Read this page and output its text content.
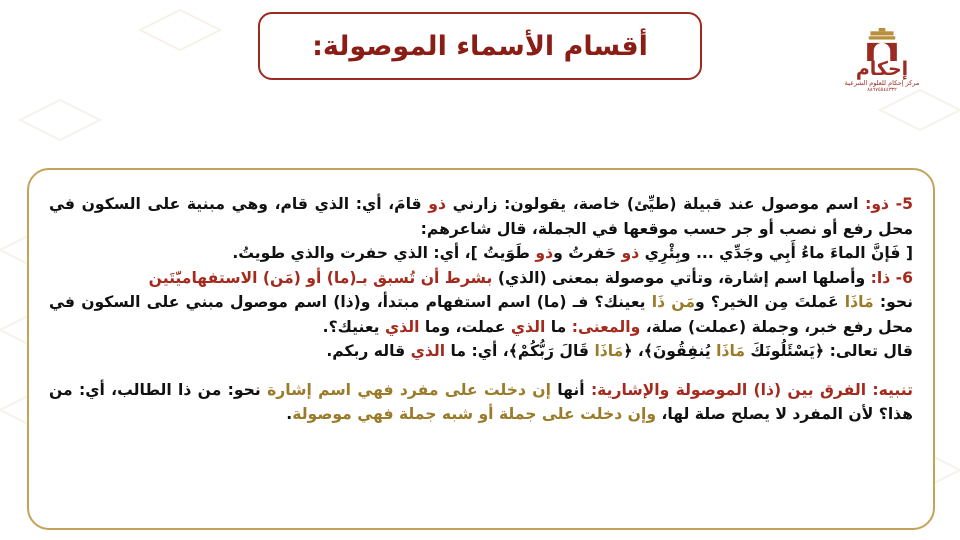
أقسام الأسماء الموصولة:
إحكام
مركز إحكام للعلوم الشرعية
٨٨٦٧٥٥٤٤٣٣٢

5- ذو: اسم موصول عند قبيلة (طيِّئ) خاصة، يقولون: زارني ذو قامَ، أي: الذي قام، وهي مبنية على السكون في محل رفع أو نصب أو جر حسب موقعها في الجملة، قال شاعرهم:

[ فَإنَّ الماءَ ماءُ أَبِي وجَدِّي ... وبِئْرِي ذو حَفرتُ وذو طَوَيتُ ]، أي: الذي حفرت والذي طويتُ.

6- ذا: وأصلها اسم إشارة، وتأتي موصولة بمعنى (الذي) بشرط أن تُسبق بـ(ما) أو (مَن) الاستفهاميّتَين

نحو: مَاذَا عَملتَ مِن الخير؟ ومَن ذَا يعينك؟ فـ (ما) اسم استفهام مبتدأ، و(ذا) اسم موصول مبني على السكون في محل رفع خبر، وجملة (عملت) صلة، والمعنى: ما الذي عملت، وما الذي يعنيك؟.

قال تعالى: ﴿يَسْئَلُونَكَ مَاذَا يُنفِقُونَ﴾، ﴿مَاذَا قَالَ رَبُّكُمْ﴾، أي: ما الذي قاله ربكم.

تنبيه: الفرق بين (ذا) الموصولة والإشارية: أنها إن دخلت على مفرد فهي اسم إشارة نحو: من ذا الطالب، أي: من هذا؟ لأن المفرد لا يصلح صلة لها، وإن دخلت على جملة أو شبه جملة فهي موصولة.
